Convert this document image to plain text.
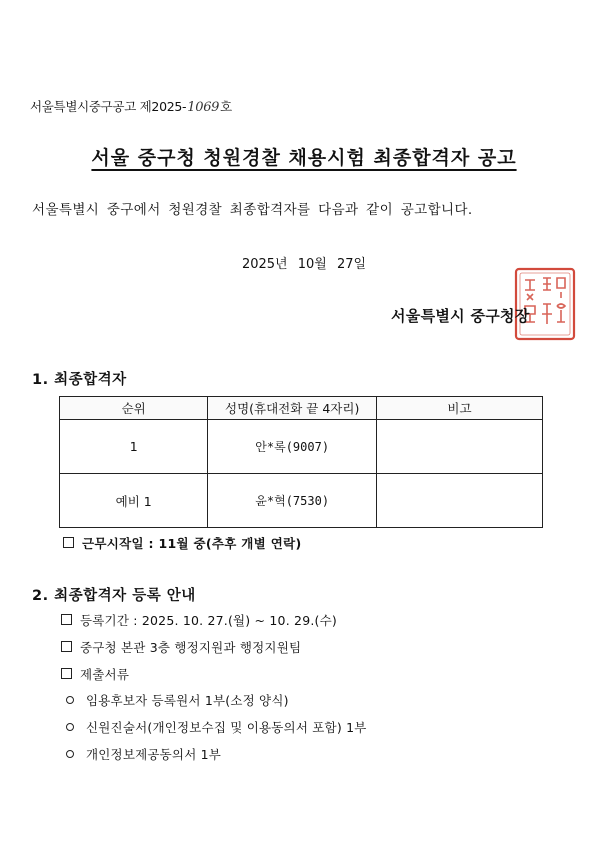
서울특별시중구공고 제2025-1069호
서울 중구청 청원경찰 채용시험 최종합격자 공고
서울특별시 중구에서 청원경찰 최종합격자를 다음과 같이 공고합니다.
2025년 10월 27일
서울특별시 중구청장
1. 최종합격자
순위	성명(휴대전화 끝 4자리)	비고
1	안*록(9007)	
예비 1	윤*혁(7530)	
근무시작일 : 11월 중(추후 개별 연락)
2. 최종합격자 등록 안내
등록기간 : 2025. 10. 27.(월) ~ 10. 29.(수)
중구청 본관 3층 행정지원과 행정지원팀
제출서류
임용후보자 등록원서 1부(소정 양식)
신원진술서(개인정보수집 및 이용동의서 포함) 1부
개인정보제공동의서 1부
